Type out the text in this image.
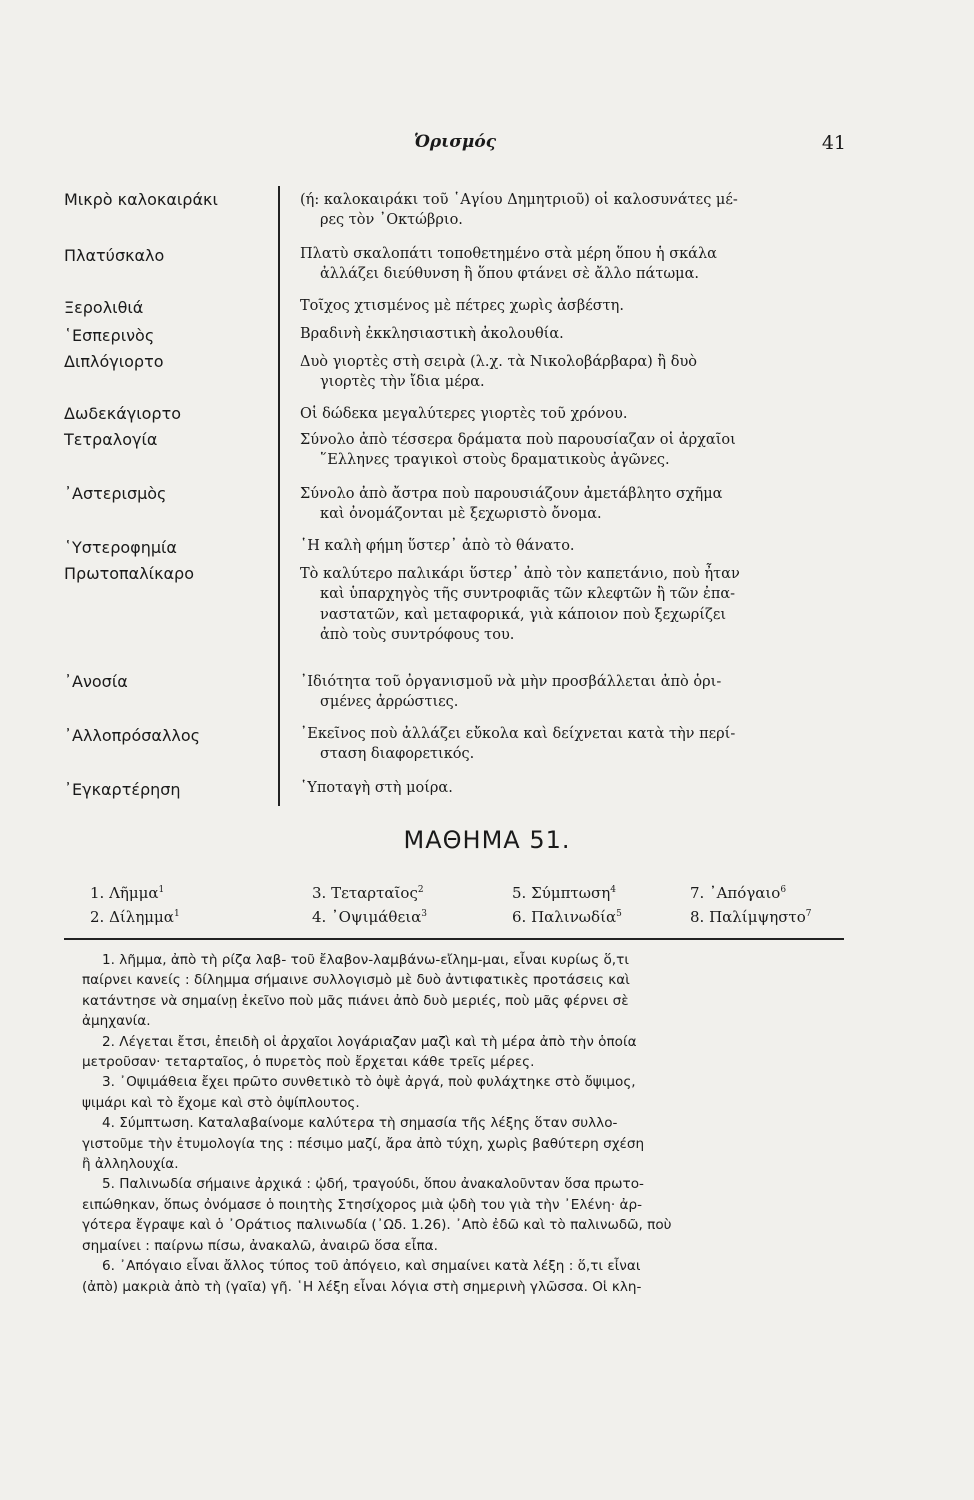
Ὁρισμός	41
Μικρὸ καλοκαιράκι	(ή: καλοκαιράκι τοῦ ῾Αγίου Δημητριοῦ) οἱ καλοσυνάτες μέ-
ρες τὸν ᾿Οκτώβριο.
Πλατύσκαλο	Πλατὺ σκαλοπάτι τοποθετημένο στὰ μέρη ὅπου ἡ σκάλα
ἀλλάζει διεύθυνση ἢ ὅπου φτάνει σὲ ἄλλο πάτωμα.
Ξερολιθιά	Τοῖχος χτισμένος μὲ πέτρες χωρὶς ἀσβέστη.
῾Εσπερινὸς	Βραδινὴ ἐκκλησιαστικὴ ἀκολουθία.
Διπλόγιορτο	Δυὸ γιορτὲς στὴ σειρὰ (λ.χ. τὰ Νικολοβάρβαρα) ἢ δυὸ
γιορτὲς τὴν ἴδια μέρα.
Δωδεκάγιορτο	Οἱ δώδεκα μεγαλύτερες γιορτὲς τοῦ χρόνου.
Τετραλογία	Σύνολο ἀπὸ τέσσερα δράματα ποὺ παρουσίαζαν οἱ ἀρχαῖοι
῞Ελληνες τραγικοὶ στοὺς δραματικοὺς ἀγῶνες.
᾿Αστερισμὸς	Σύνολο ἀπὸ ἄστρα ποὺ παρουσιάζουν ἀμετάβλητο σχῆμα
καὶ ὀνομάζονται μὲ ξεχωριστὸ ὄνομα.
῾Υστεροφημία	῾Η καλὴ φήμη ὕστερ᾿ ἀπὸ τὸ θάνατο.
Πρωτοπαλίκαρο	Τὸ καλύτερο παλικάρι ὕστερ᾿ ἀπὸ τὸν καπετάνιο, ποὺ ἦταν
καὶ ὑπαρχηγὸς τῆς συντροφιᾶς τῶν κλεφτῶν ἢ τῶν ἐπα-
ναστατῶν, καὶ μεταφορικά, γιὰ κάποιον ποὺ ξεχωρίζει
ἀπὸ τοὺς συντρόφους του.
᾿Ανοσία	᾿Ιδιότητα τοῦ ὀργανισμοῦ νὰ μὴν προσβάλλεται ἀπὸ ὁρι-
σμένες ἀρρώστιες.
᾿Αλλοπρόσαλλος	᾿Εκεῖνος ποὺ ἀλλάζει εὔκολα καὶ δείχνεται κατὰ τὴν περί-
σταση διαφορετικός.
᾿Εγκαρτέρηση	῾Υποταγὴ στὴ μοίρα.
ΜΑΘΗΜΑ 51.
1. Λῆμμα$^1$
2. Δίλημμα$^1$
3. Τεταρταῖος$^2$
4. ᾿Οψιμάθεια$^3$
5. Σύμπτωση$^4$
6. Παλινωδία$^5$
7. ᾿Απόγαιο$^6$
8. Παλίμψηστο$^7$
1. λῆμμα, ἀπὸ τὴ ρίζα λαβ- τοῦ ἔλαβον-λαμβάνω-εἴλημ-μαι, εἶναι κυρίως ὅ,τι
παίρνει κανείς : δίλημμα σήμαινε συλλογισμὸ μὲ δυὸ ἀντιφατικὲς προτάσεις καὶ
κατάντησε νὰ σημαίνῃ ἐκεῖνο ποὺ μᾶς πιάνει ἀπὸ δυὸ μεριές, ποὺ μᾶς φέρνει σὲ
ἀμηχανία.
2. Λέγεται ἔτσι, ἐπειδὴ οἱ ἀρχαῖοι λογάριαζαν μαζὶ καὶ τὴ μέρα ἀπὸ τὴν ὁποία
μετροῦσαν· τεταρταῖος, ὁ πυρετὸς ποὺ ἔρχεται κάθε τρεῖς μέρες.
3. ᾿Οψιμάθεια ἔχει πρῶτο συνθετικὸ τὸ ὀψὲ ἀργά, ποὺ φυλάχτηκε στὸ ὄψιμος,
ψιμάρι καὶ τὸ ἔχομε καὶ στὸ ὀψίπλουτος.
4. Σύμπτωση. Καταλαβαίνομε καλύτερα τὴ σημασία τῆς λέξης ὅταν συλλο-
γιστοῦμε τὴν ἐτυμολογία της : πέσιμο μαζί, ἄρα ἀπὸ τύχη, χωρὶς βαθύτερη σχέση
ἢ ἀλληλουχία.
5. Παλινωδία σήμαινε ἀρχικά : ᾠδή, τραγούδι, ὅπου ἀνακαλοῦνταν ὅσα πρωτο-
ειπώθηκαν, ὅπως ὀνόμασε ὁ ποιητὴς Στησίχορος μιὰ ᾠδὴ του γιὰ τὴν ᾿Ελένη· ἀρ-
γότερα ἔγραψε καὶ ὁ ᾿Οράτιος παλινωδία (᾿Ωδ. 1.26). ᾿Απὸ ἐδῶ καὶ τὸ παλινωδῶ, ποὺ
σημαίνει : παίρνω πίσω, ἀνακαλῶ, ἀναιρῶ ὅσα εἶπα.
6. ᾿Απόγαιο εἶναι ἄλλος τύπος τοῦ ἀπόγειο, καὶ σημαίνει κατὰ λέξη : ὅ,τι εἶναι
(ἀπὸ) μακριὰ ἀπὸ τὴ (γαῖα) γῆ. ῾Η λέξη εἶναι λόγια στὴ σημερινὴ γλῶσσα. Οἱ κλη-
